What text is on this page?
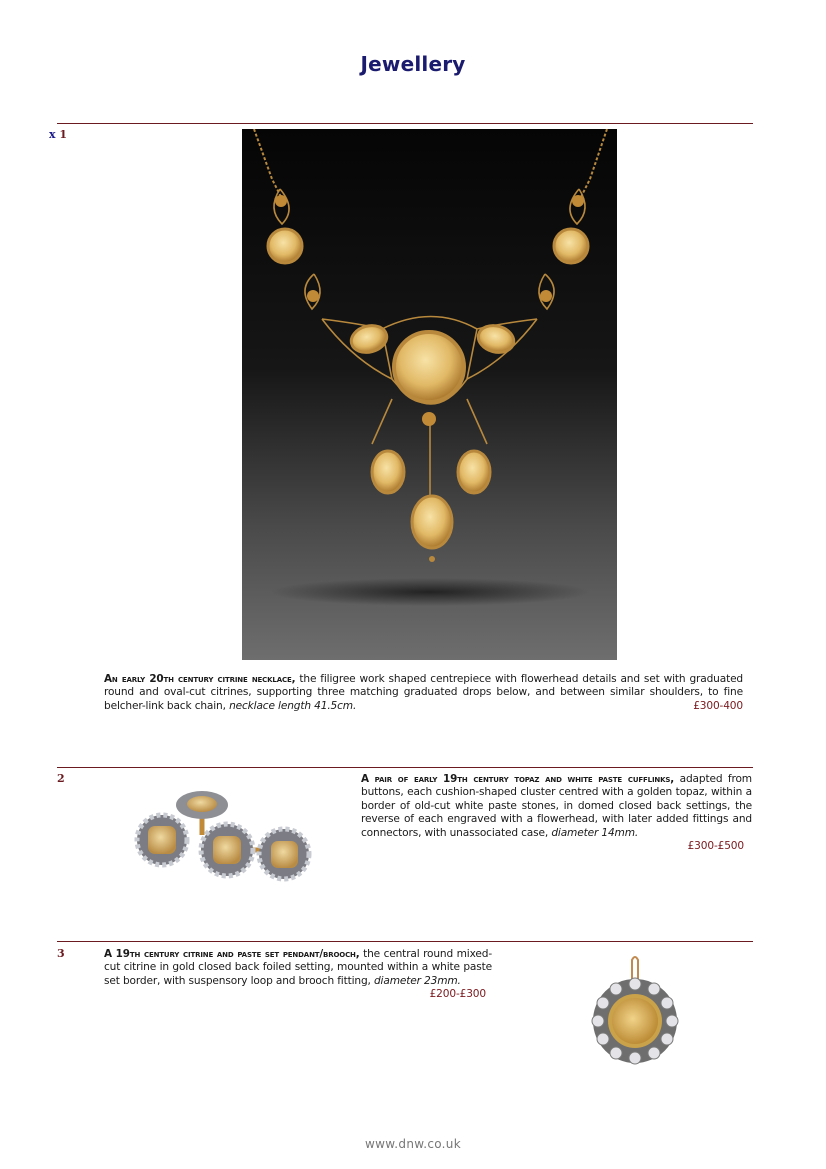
Jewellery
x 1
An early 20th century citrine necklace, the filigree work shaped centrepiece with flowerhead details and set with graduated round and oval-cut citrines, supporting three matching graduated drops below, and between similar shoulders, to fine belcher-link back chain, necklace length 41.5cm.	£300-400
2	A pair of early 19th century topaz and white paste cufflinks, adapted from buttons, each cushion-shaped cluster centred with a golden topaz, within a border of old-cut white paste stones, in domed closed back settings, the reverse of each engraved with a flowerhead, with later added fittings and connectors, with unassociated case, diameter 14mm.
£300-£500
3	A 19th century citrine and paste set pendant/brooch, the central round mixed-cut citrine in gold closed back foiled setting, mounted within a white paste set border, with suspensory loop and brooch fitting, diameter 23mm.
£200-£300
www.dnw.co.uk
